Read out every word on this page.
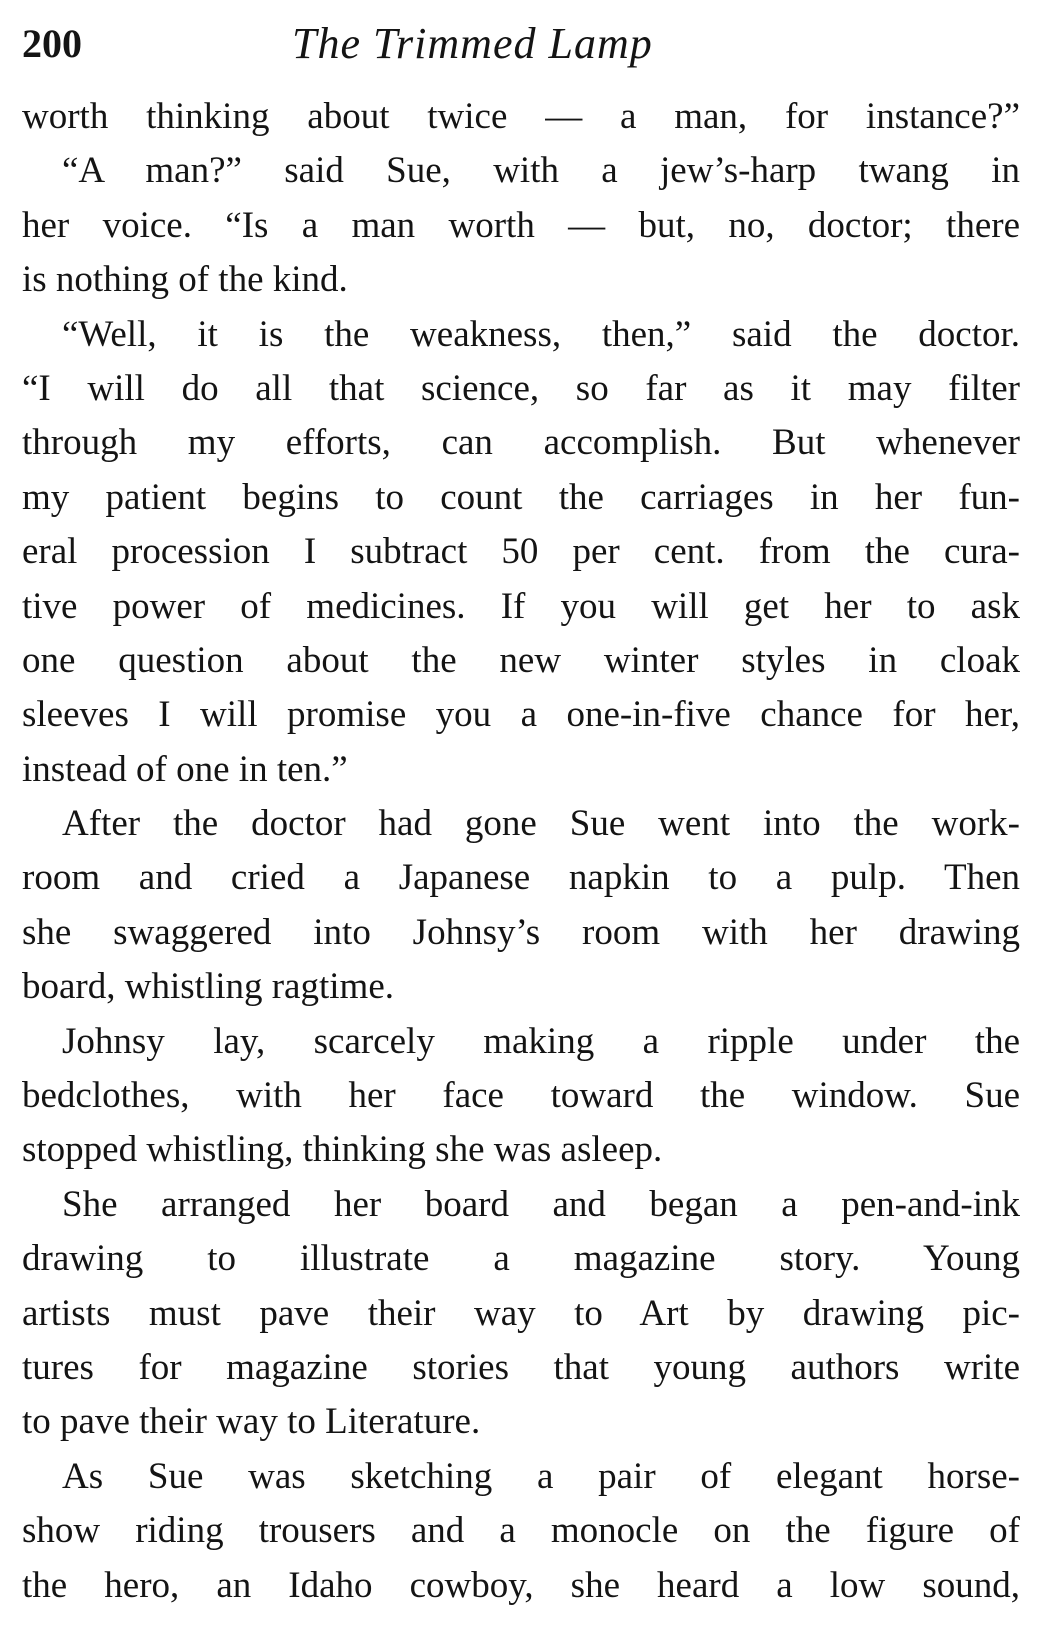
200	The Trimmed Lamp
worth thinking about twice — a man, for instance?”
“A man?” said Sue, with a jew’s-harp twang in
her voice. “Is a man worth — but, no, doctor; there
is nothing of the kind.
“Well, it is the weakness, then,” said the doctor.
“I will do all that science, so far as it may filter
through my efforts, can accomplish. But whenever
my patient begins to count the carriages in her fun-
eral procession I subtract 50 per cent. from the cura-
tive power of medicines. If you will get her to ask
one question about the new winter styles in cloak
sleeves I will promise you a one-in-five chance for her,
instead of one in ten.”
After the doctor had gone Sue went into the work-
room and cried a Japanese napkin to a pulp. Then
she swaggered into Johnsy’s room with her drawing
board, whistling ragtime.
Johnsy lay, scarcely making a ripple under the
bedclothes, with her face toward the window. Sue
stopped whistling, thinking she was asleep.
She arranged her board and began a pen-and-ink
drawing to illustrate a magazine story. Young
artists must pave their way to Art by drawing pic-
tures for magazine stories that young authors write
to pave their way to Literature.
As Sue was sketching a pair of elegant horse-
show riding trousers and a monocle on the figure of
the hero, an Idaho cowboy, she heard a low sound,
